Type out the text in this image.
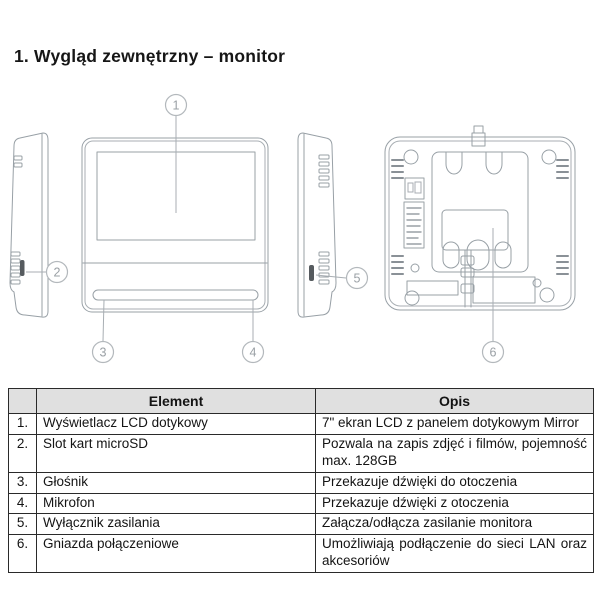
1. Wygląd zewnętrzny – monitor
1
2
3	4
5
6
	Element	Opis
1.	Wyświetlacz LCD dotykowy	7" ekran LCD z panelem dotykowym Mirror
2.	Slot kart microSD	Pozwala na zapis zdjęć i filmów, pojemność max. 128GB
3.	Głośnik	Przekazuje dźwięki do otoczenia
4.	Mikrofon	Przekazuje dźwięki z otoczenia
5.	Wyłącznik zasilania	Załącza/odłącza zasilanie monitora
6.	Gniazda połączeniowe	Umożliwiają podłączenie do sieci LAN oraz akcesoriów
